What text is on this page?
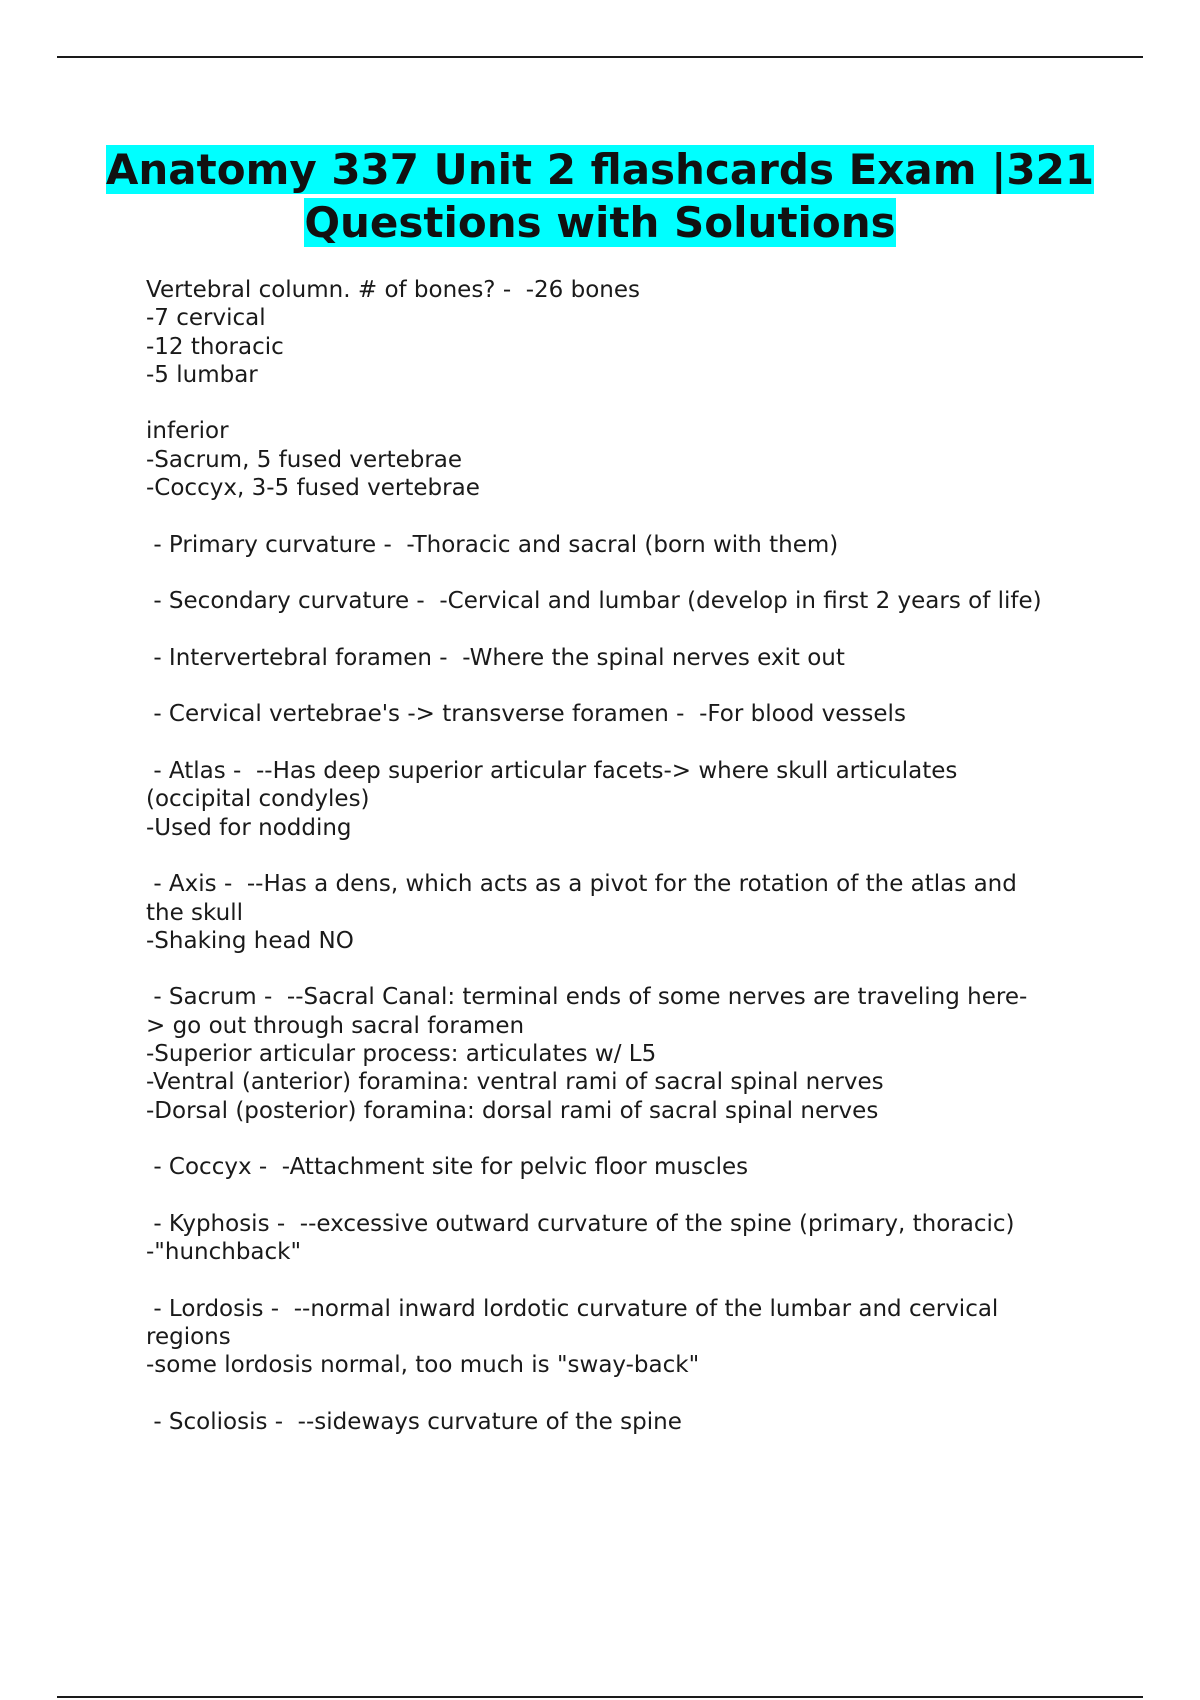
Anatomy 337 Unit 2 flashcards Exam |321 Questions with Solutions

Vertebral column. # of bones? -  -26 bones

-7 cervical

-12 thoracic

-5 lumbar

inferior

-Sacrum, 5 fused vertebrae

-Coccyx, 3-5 fused vertebrae

- Primary curvature -  -Thoracic and sacral (born with them)

- Secondary curvature -  -Cervical and lumbar (develop in first 2 years of life)

- Intervertebral foramen -  -Where the spinal nerves exit out

- Cervical vertebrae's -> transverse foramen -  -For blood vessels

- Atlas -  --Has deep superior articular facets-> where skull articulates

(occipital condyles)

-Used for nodding

- Axis -  --Has a dens, which acts as a pivot for the rotation of the atlas and

the skull

-Shaking head NO

- Sacrum -  --Sacral Canal: terminal ends of some nerves are traveling here-

> go out through sacral foramen

-Superior articular process: articulates w/ L5

-Ventral (anterior) foramina: ventral rami of sacral spinal nerves

-Dorsal (posterior) foramina: dorsal rami of sacral spinal nerves

- Coccyx -  -Attachment site for pelvic floor muscles

- Kyphosis -  --excessive outward curvature of the spine (primary, thoracic)

-"hunchback"

- Lordosis -  --normal inward lordotic curvature of the lumbar and cervical

regions

-some lordosis normal, too much is "sway-back"

- Scoliosis -  --sideways curvature of the spine
